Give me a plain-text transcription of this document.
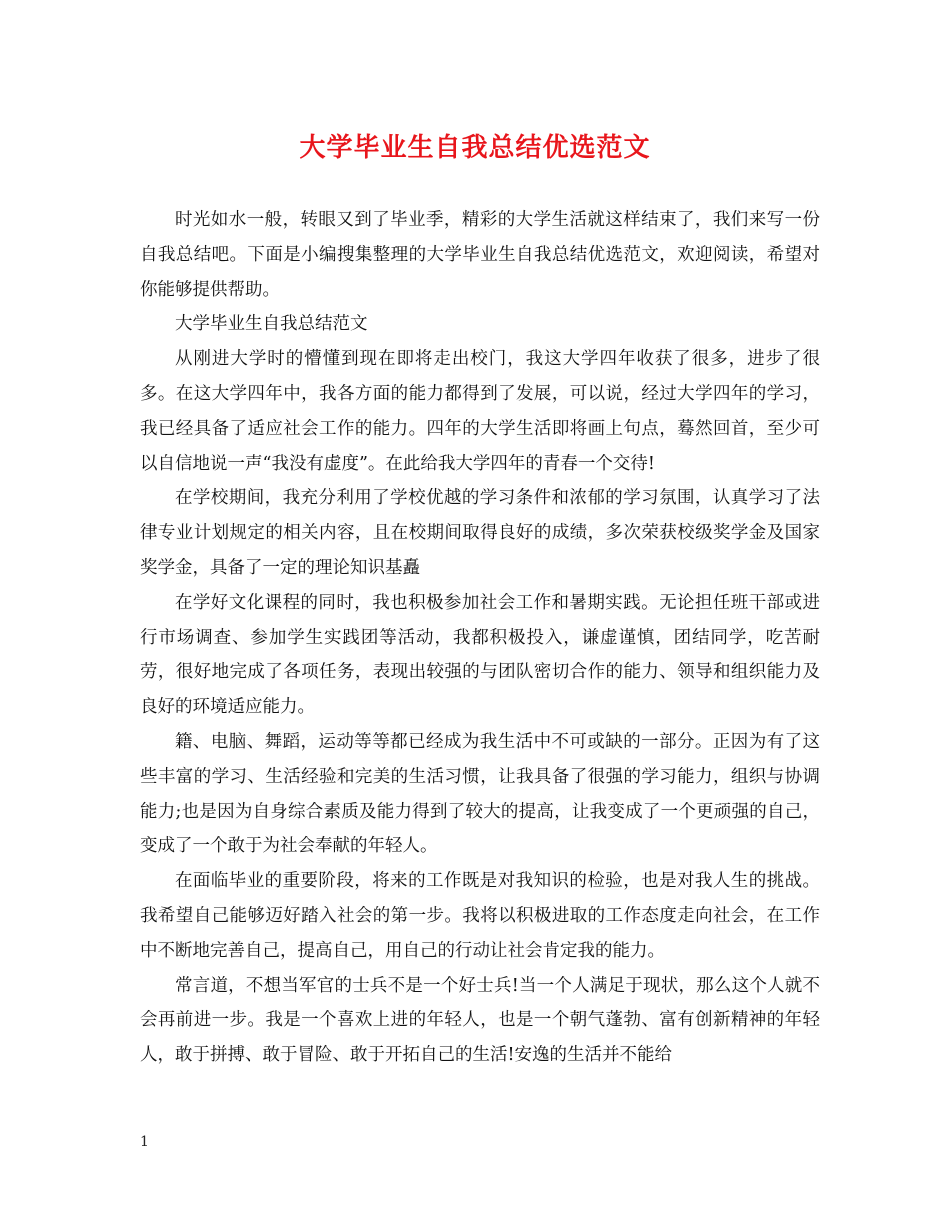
大学毕业生自我总结优选范文

时光如水一般，转眼又到了毕业季，精彩的大学生活就这样结束了，我们来写一份自我总结吧。下面是小编搜集整理的大学毕业生自我总结优选范文，欢迎阅读，希望对你能够提供帮助。

大学毕业生自我总结范文

从刚进大学时的懵懂到现在即将走出校门，我这大学四年收获了很多，进步了很多。在这大学四年中，我各方面的能力都得到了发展，可以说，经过大学四年的学习，我已经具备了适应社会工作的能力。四年的大学生活即将画上句点，蓦然回首，至少可以自信地说一声“我没有虚度”。在此给我大学四年的青春一个交待!

在学校期间，我充分利用了学校优越的学习条件和浓郁的学习氛围，认真学习了法律专业计划规定的相关内容，且在校期间取得良好的成绩，多次荣获校级奖学金及国家奖学金，具备了一定的理论知识基矗

在学好文化课程的同时，我也积极参加社会工作和暑期实践。无论担任班干部或进行市场调查、参加学生实践团等活动，我都积极投入，谦虚谨慎，团结同学，吃苦耐劳，很好地完成了各项任务，表现出较强的与团队密切合作的能力、领导和组织能力及良好的环境适应能力。

籍、电脑、舞蹈，运动等等都已经成为我生活中不可或缺的一部分。正因为有了这些丰富的学习、生活经验和完美的生活习惯，让我具备了很强的学习能力，组织与协调能力;也是因为自身综合素质及能力得到了较大的提高，让我变成了一个更顽强的自己，变成了一个敢于为社会奉献的年轻人。

在面临毕业的重要阶段，将来的工作既是对我知识的检验，也是对我人生的挑战。我希望自己能够迈好踏入社会的第一步。我将以积极进取的工作态度走向社会，在工作中不断地完善自己，提高自己，用自己的行动让社会肯定我的能力。

常言道，不想当军官的士兵不是一个好士兵!当一个人满足于现状，那么这个人就不会再前进一步。我是一个喜欢上进的年轻人，也是一个朝气蓬勃、富有创新精神的年轻人，敢于拼搏、敢于冒险、敢于开拓自己的生活!安逸的生活并不能给

1
